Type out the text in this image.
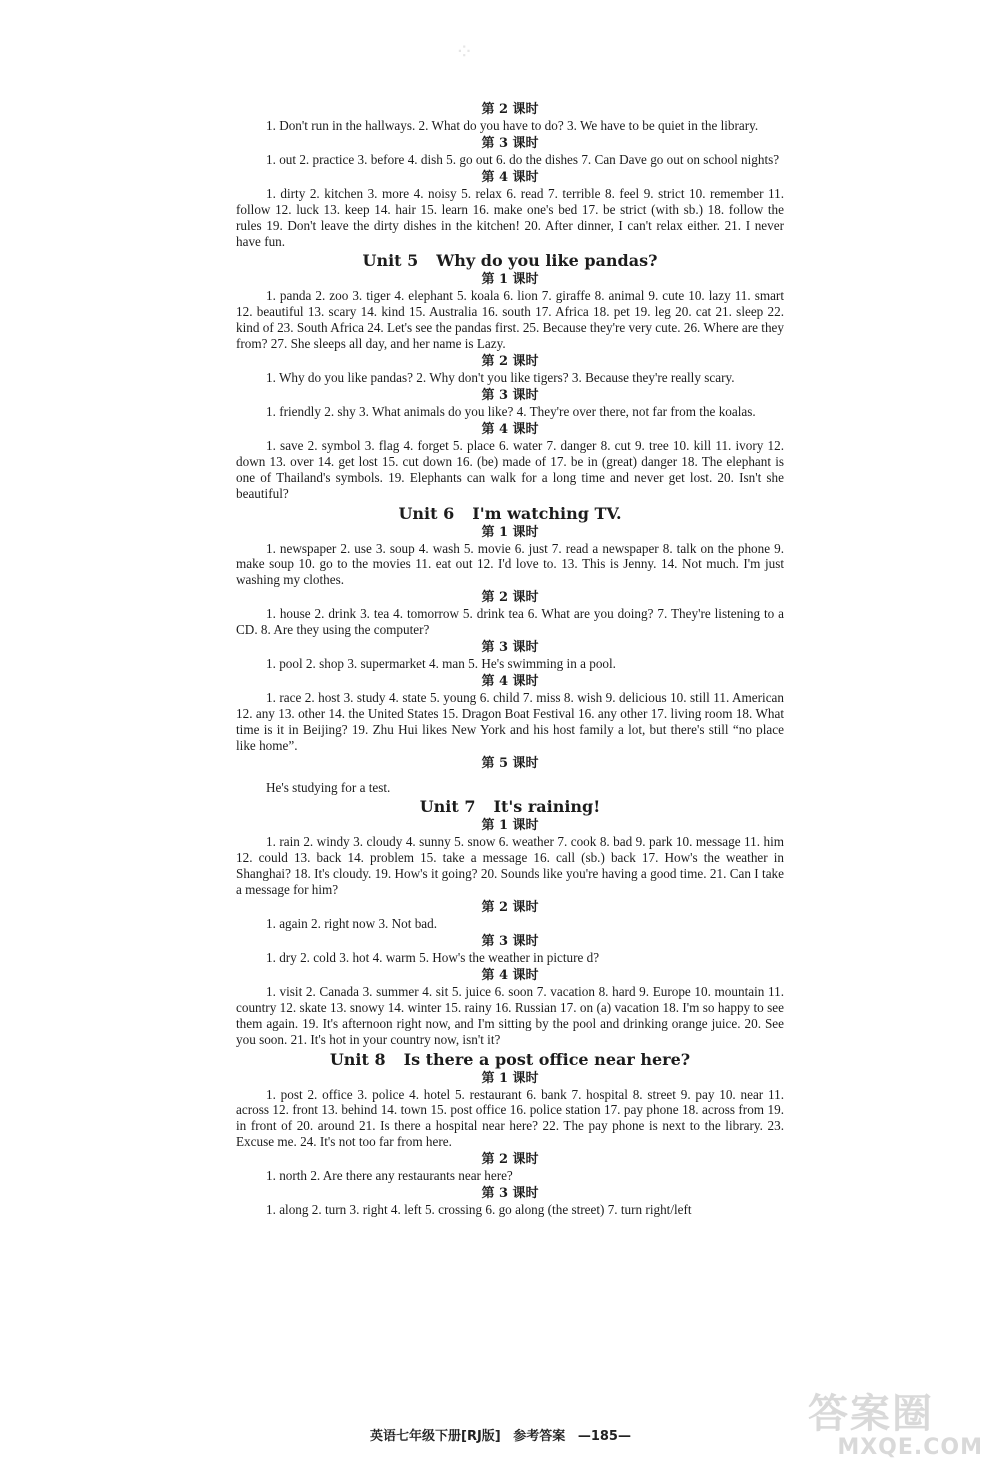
⁘
第 2 课时

1. Don't run in the hallways. 2. What do you have to do? 3. We have to be quiet in the library.

第 3 课时

1. out 2. practice 3. before 4. dish 5. go out 6. do the dishes 7. Can Dave go out on school nights?

第 4 课时

1. dirty 2. kitchen 3. more 4. noisy 5. relax 6. read 7. terrible 8. feel 9. strict 10. remember 11. follow 12. luck 13. keep 14. hair 15. learn 16. make one's bed 17. be strict (with sb.) 18. follow the rules 19. Don't leave the dirty dishes in the kitchen! 20. After dinner, I can't relax either. 21. I never have fun.

Unit 5 Why do you like pandas?
第 1 课时

1. panda 2. zoo 3. tiger 4. elephant 5. koala 6. lion 7. giraffe 8. animal 9. cute 10. lazy 11. smart 12. beautiful 13. scary 14. kind 15. Australia 16. south 17. Africa 18. pet 19. leg 20. cat 21. sleep 22. kind of 23. South Africa 24. Let's see the pandas first. 25. Because they're very cute. 26. Where are they from? 27. She sleeps all day, and her name is Lazy.

第 2 课时

1. Why do you like pandas? 2. Why don't you like tigers? 3. Because they're really scary.

第 3 课时

1. friendly 2. shy 3. What animals do you like? 4. They're over there, not far from the koalas.

第 4 课时

1. save 2. symbol 3. flag 4. forget 5. place 6. water 7. danger 8. cut 9. tree 10. kill 11. ivory 12. down 13. over 14. get lost 15. cut down 16. (be) made of 17. be in (great) danger 18. The elephant is one of Thailand's symbols. 19. Elephants can walk for a long time and never get lost. 20. Isn't she beautiful?

Unit 6 I'm watching TV.
第 1 课时

1. newspaper 2. use 3. soup 4. wash 5. movie 6. just 7. read a newspaper 8. talk on the phone 9. make soup 10. go to the movies 11. eat out 12. I'd love to. 13. This is Jenny. 14. Not much. I'm just washing my clothes.

第 2 课时

1. house 2. drink 3. tea 4. tomorrow 5. drink tea 6. What are you doing? 7. They're listening to a CD. 8. Are they using the computer?

第 3 课时

1. pool 2. shop 3. supermarket 4. man 5. He's swimming in a pool.

第 4 课时

1. race 2. host 3. study 4. state 5. young 6. child 7. miss 8. wish 9. delicious 10. still 11. American 12. any 13. other 14. the United States 15. Dragon Boat Festival 16. any other 17. living room 18. What time is it in Beijing? 19. Zhu Hui likes New York and his host family a lot, but there's still “no place like home”.

第 5 课时

He's studying for a test.

Unit 7 It's raining!
第 1 课时

1. rain 2. windy 3. cloudy 4. sunny 5. snow 6. weather 7. cook 8. bad 9. park 10. message 11. him 12. could 13. back 14. problem 15. take a message 16. call (sb.) back 17. How's the weather in Shanghai? 18. It's cloudy. 19. How's it going? 20. Sounds like you're having a good time. 21. Can I take a message for him?

第 2 课时

1. again 2. right now 3. Not bad.

第 3 课时

1. dry 2. cold 3. hot 4. warm 5. How's the weather in picture d?

第 4 课时

1. visit 2. Canada 3. summer 4. sit 5. juice 6. soon 7. vacation 8. hard 9. Europe 10. mountain 11. country 12. skate 13. snowy 14. winter 15. rainy 16. Russian 17. on (a) vacation 18. I'm so happy to see them again. 19. It's afternoon right now, and I'm sitting by the pool and drinking orange juice. 20. See you soon. 21. It's hot in your country now, isn't it?

Unit 8 Is there a post office near here?
第 1 课时

1. post 2. office 3. police 4. hotel 5. restaurant 6. bank 7. hospital 8. street 9. pay 10. near 11. across 12. front 13. behind 14. town 15. post office 16. police station 17. pay phone 18. across from 19. in front of 20. around 21. Is there a hospital near here? 22. The pay phone is next to the library. 23. Excuse me. 24. It's not too far from here.

第 2 课时

1. north 2. Are there any restaurants near here?

第 3 课时

1. along 2. turn 3. right 4. left 5. crossing 6. go along (the street) 7. turn right/left

英语七年级下册[RJ版] 参考答案 —185—	答案圈
MXQE.COM
